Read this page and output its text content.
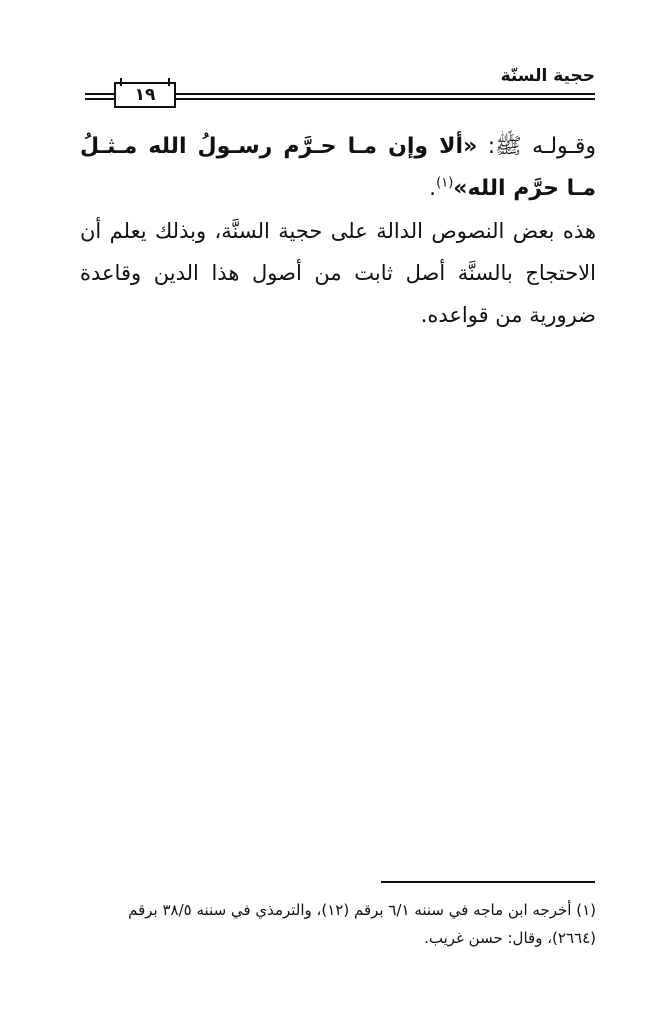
حجية السنّة
١٩
وقـولـه ﷺ: «ألا وإن مـا حـرَّم رسـولُ الله مـثـلُ مـا حرَّم الله»$^{(١)}$.
هذه بعض النصوص الدالة على حجية السنَّة، وبذلك يعلم أن الاحتجاج بالسنَّة أصل ثابت من أصول هذا الدين وقاعدة ضرورية من قواعده.
(١) أخرجه ابن ماجه في سننه ٦/١ برقم (١٢)، والترمذي في سننه ٣٨/٥ برقم (٢٦٦٤)، وقال: حسن غريب.
